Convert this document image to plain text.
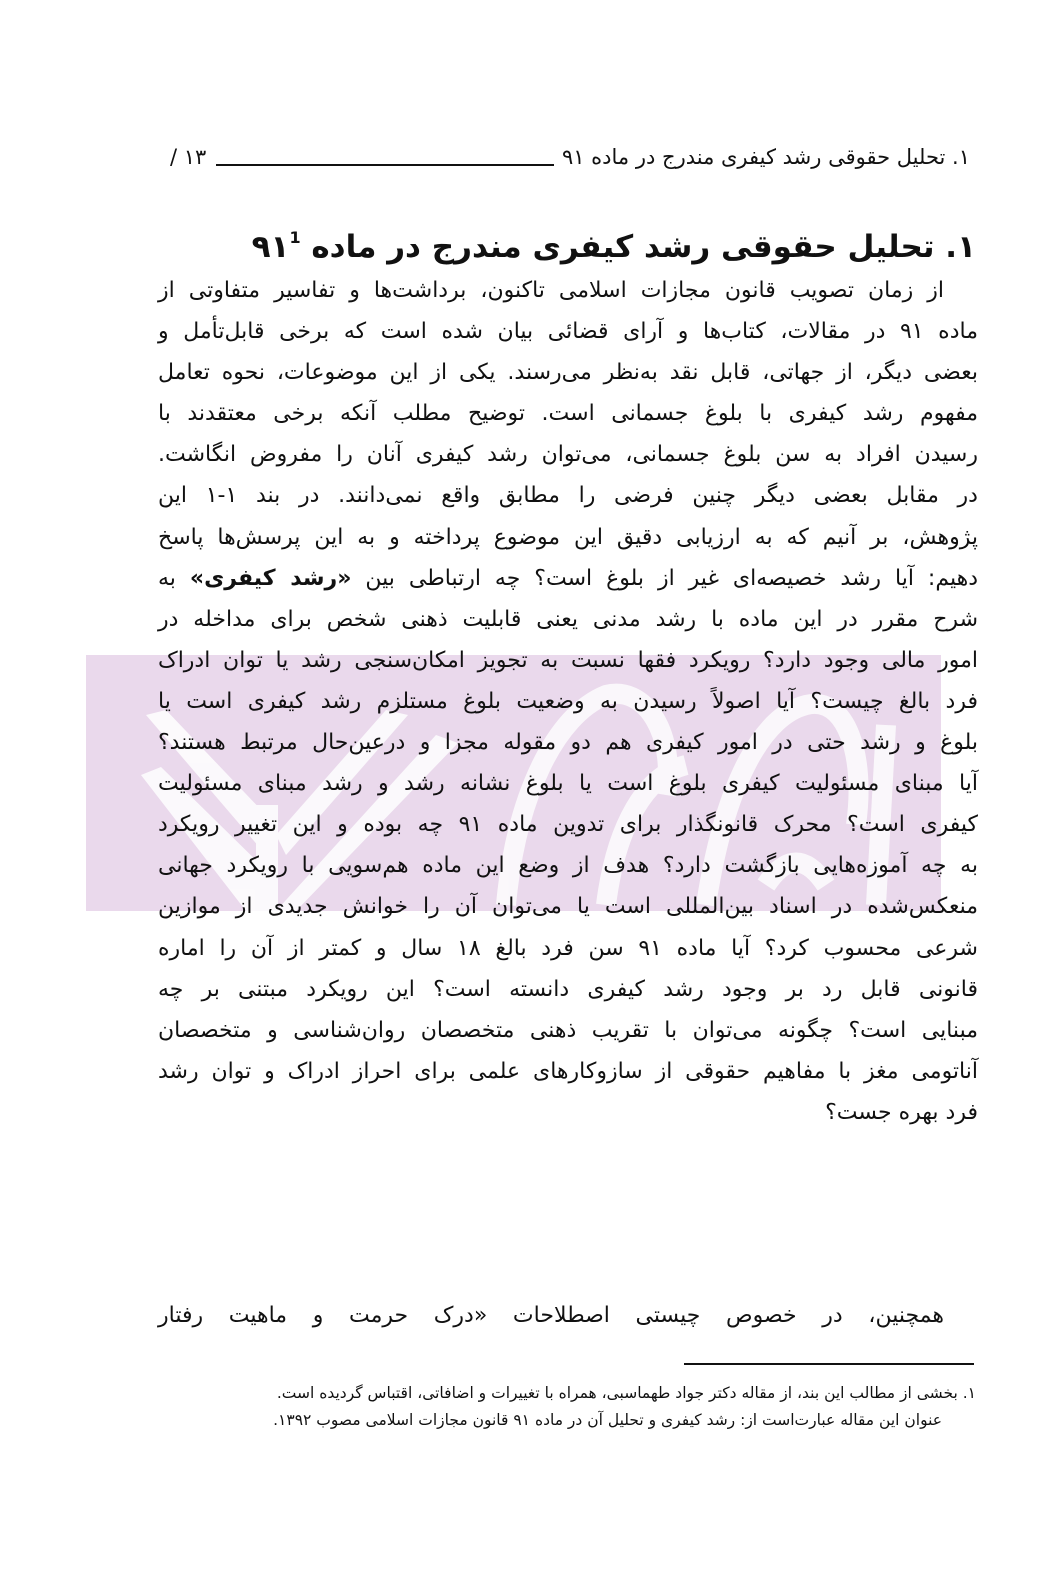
۱. تحلیل حقوقی رشد کیفری مندرج در ماده ۹۱
۱۳ /
۱. تحلیل حقوقی رشد کیفری مندرج در ماده $۹۱^1$
از زمان تصویب قانون مجازات اسلامی تاکنون، برداشت‌ها و تفاسیر متفاوتی از
ماده ۹۱ در مقالات، کتاب‌ها و آرای قضائی بیان شده است که برخی قابل‌تأمل و
بعضی دیگر، از جهاتی، قابل نقد به‌نظر می‌رسند. یکی از این موضوعات، نحوه تعامل
مفهوم رشد کیفری با بلوغ جسمانی است. توضیح مطلب آنکه برخی معتقدند با
رسیدن افراد به سن بلوغ جسمانی، می‌توان رشد کیفری آنان را مفروض انگاشت.
در مقابل بعضی دیگر چنین فرضی را مطابق واقع نمی‌دانند. در بند ۱-۱ این
پژوهش، بر آنیم که به ارزیابی دقیق این موضوع پرداخته و به این پرسش‌ها پاسخ
دهیم: آیا رشد خصیصه‌ای غیر از بلوغ است؟ چه ارتباطی بین «رشد کیفری» به
شرح مقرر در این ماده با رشد مدنی یعنی قابلیت ذهنی شخص برای مداخله در
امور مالی وجود دارد؟ رویکرد فقها نسبت به تجویز امکان‌سنجی رشد یا توان ادراک
فرد بالغ چیست؟ آیا اصولاً رسیدن به وضعیت بلوغ مستلزم رشد کیفری است یا
بلوغ و رشد حتی در امور کیفری هم دو مقوله مجزا و درعین‌حال مرتبط هستند؟
آیا مبنای مسئولیت کیفری بلوغ است یا بلوغ نشانه رشد و رشد مبنای مسئولیت
کیفری است؟ محرک قانونگذار برای تدوین ماده ۹۱ چه بوده و این تغییر رویکرد
به چه آموزه‌هایی بازگشت دارد؟ هدف از وضع این ماده هم‌سویی با رویکرد جهانی
منعکس‌شده در اسناد بین‌المللی است یا می‌توان آن را خوانش جدیدی از موازین
شرعی محسوب کرد؟ آیا ماده ۹۱ سن فرد بالغ ۱۸ سال و کمتر از آن را اماره
قانونی قابل رد بر وجود رشد کیفری دانسته است؟ این رویکرد مبتنی بر چه
مبنایی است؟ چگونه می‌توان با تقریب ذهنی متخصصان روان‌شناسی و متخصصان
آناتومی مغز با مفاهیم حقوقی از سازوکارهای علمی برای احراز ادراک و توان رشد
فرد بهره جست؟
همچنین، در خصوص چیستی اصطلاحات «درک حرمت و ماهیت رفتار
۱. بخشی از مطالب این بند، از مقاله دکتر جواد طهماسبی، همراه با تغییرات و اضافاتی، اقتباس گردیده است.
عنوان این مقاله عبارت‌است از: رشد کیفری و تحلیل آن در ماده ۹۱ قانون مجازات اسلامی مصوب ۱۳۹۲.
